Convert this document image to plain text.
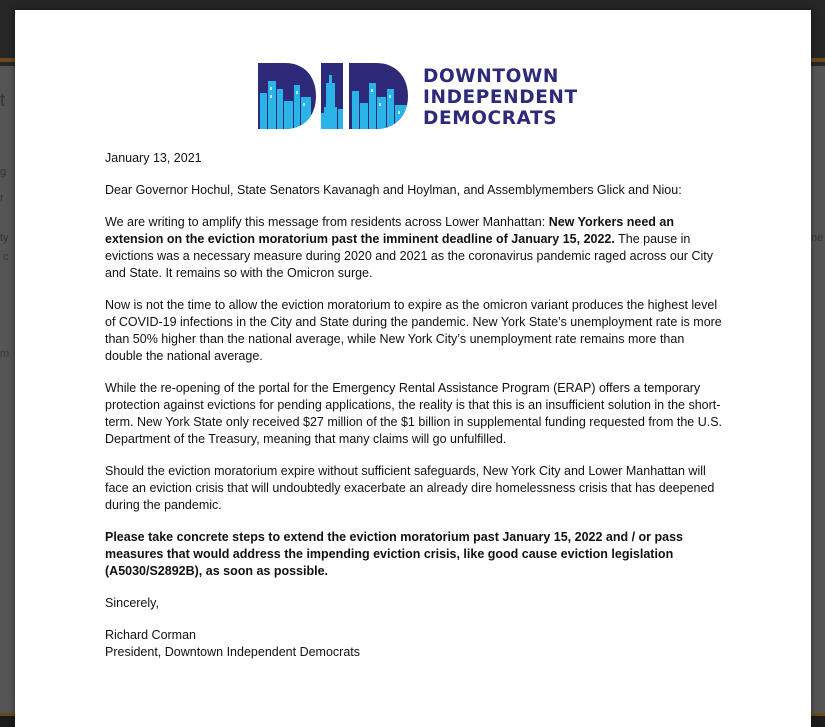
t
g
r
ty
c
m
ne
DOWNTOWN
INDEPENDENT
DEMOCRATS

January 13, 2021

Dear Governor Hochul, State Senators Kavanagh and Hoylman, and Assemblymembers Glick and Niou:

We are writing to amplify this message from residents across Lower Manhattan: New Yorkers need an extension on the eviction moratorium past the imminent deadline of January 15, 2022. The pause in evictions was a necessary measure during 2020 and 2021 as the coronavirus pandemic raged across our City and State. It remains so with the Omicron surge.

Now is not the time to allow the eviction moratorium to expire as the omicron variant produces the highest level of COVID-19 infections in the City and State during the pandemic. New York State’s unemployment rate is more than 50% higher than the national average, while New York City’s unemployment rate remains more than double the national average.

While the re-opening of the portal for the Emergency Rental Assistance Program (ERAP) offers a temporary protection against evictions for pending applications, the reality is that this is an insufficient solution in the short-term. New York State only received $27 million of the $1 billion in supplemental funding requested from the U.S. Department of the Treasury, meaning that many claims will go unfulfilled.

Should the eviction moratorium expire without sufficient safeguards, New York City and Lower Manhattan will face an eviction crisis that will undoubtedly exacerbate an already dire homelessness crisis that has deepened during the pandemic.

Please take concrete steps to extend the eviction moratorium past January 15, 2022 and / or pass measures that would address the impending eviction crisis, like good cause eviction legislation (A5030/S2892B), as soon as possible.

Sincerely,

Richard Corman
President, Downtown Independent Democrats
